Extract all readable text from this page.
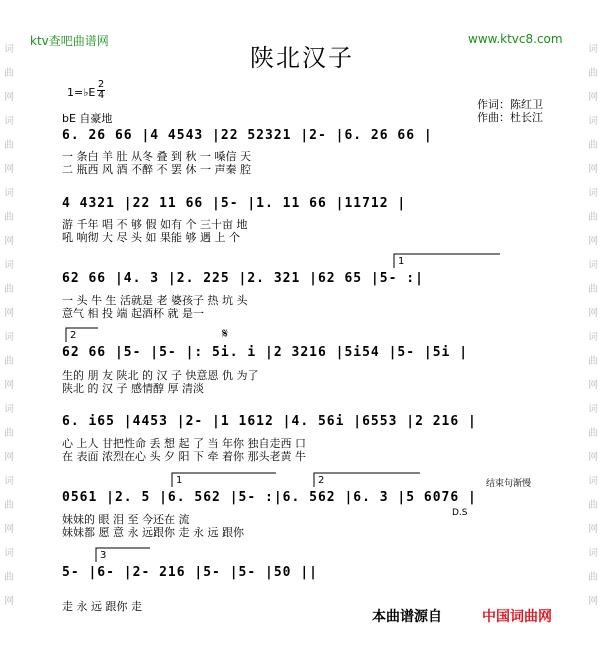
词
曲
网
词
曲
网
词
曲
网
词
曲
网
词
曲
网
词
曲
网
词
曲
网
词
曲
网
词
曲
网
词
曲
网
词
曲
网
词
曲
网
词
曲
网
词
曲
网
词
曲
网
词
曲
网
ktv查吧曲谱网	www.ktvc8.com
陕北汉子
1=♭E
2
4
bE 自豪地
作词：陈红卫
作曲：杜长江
6. 26 66 |4 4543 |22 52321 |2- |6. 26 66 |
一 条白 羊 肚 从冬 叠 到 秋 一 嗓信 天
二 瓶西 风 酒 不醉 不 罢 休 一 声秦 腔
4 4321 |22 11 66 |5- |1. 11 66 |11712 |
游 千年 唱 不 够 假 如有 个 三十亩 地
吼 响彻 大 尽 头 如 果能 够 遇 上 个
62 66 |4. 3 |2. 225 |2. 321 |62 65 |5- :|
一 头 牛 生 活就是 老 婆孩子 热 坑 头
意气 相 投 端 起酒杯 就 是一
62 66 |5- |5- |: 5i. i |2 3216 |5i54 |5- |5i |
生的 朋 友 陕北 的 汉 子 快意恩 仇 为了
陕北 的 汉 子 感情醇 厚 清淡
6. i65 |4453 |2- |1 1612 |4. 56i |6553 |2 216 |
心 上人 甘把性命 丢 想 起 了 当 年你 独自走西 口
在 表面 浓烈在心 头 夕 阳 下 牵 着你 那头老黄 牛
0561 |2. 5 |6. 562 |5- :|6. 562 |6. 3 |5 6076 |
妹妹的 眼 泪 至 今还在 流
妹妹都 愿 意 永 远跟你 走 永 远 跟你
5- |6- |2- 216 |5- |5- |50 ||
走 永 远 跟你 走
结束句渐慢
D.S
1
2
1	2
3
𝄋
本曲谱源自	中国词曲网
